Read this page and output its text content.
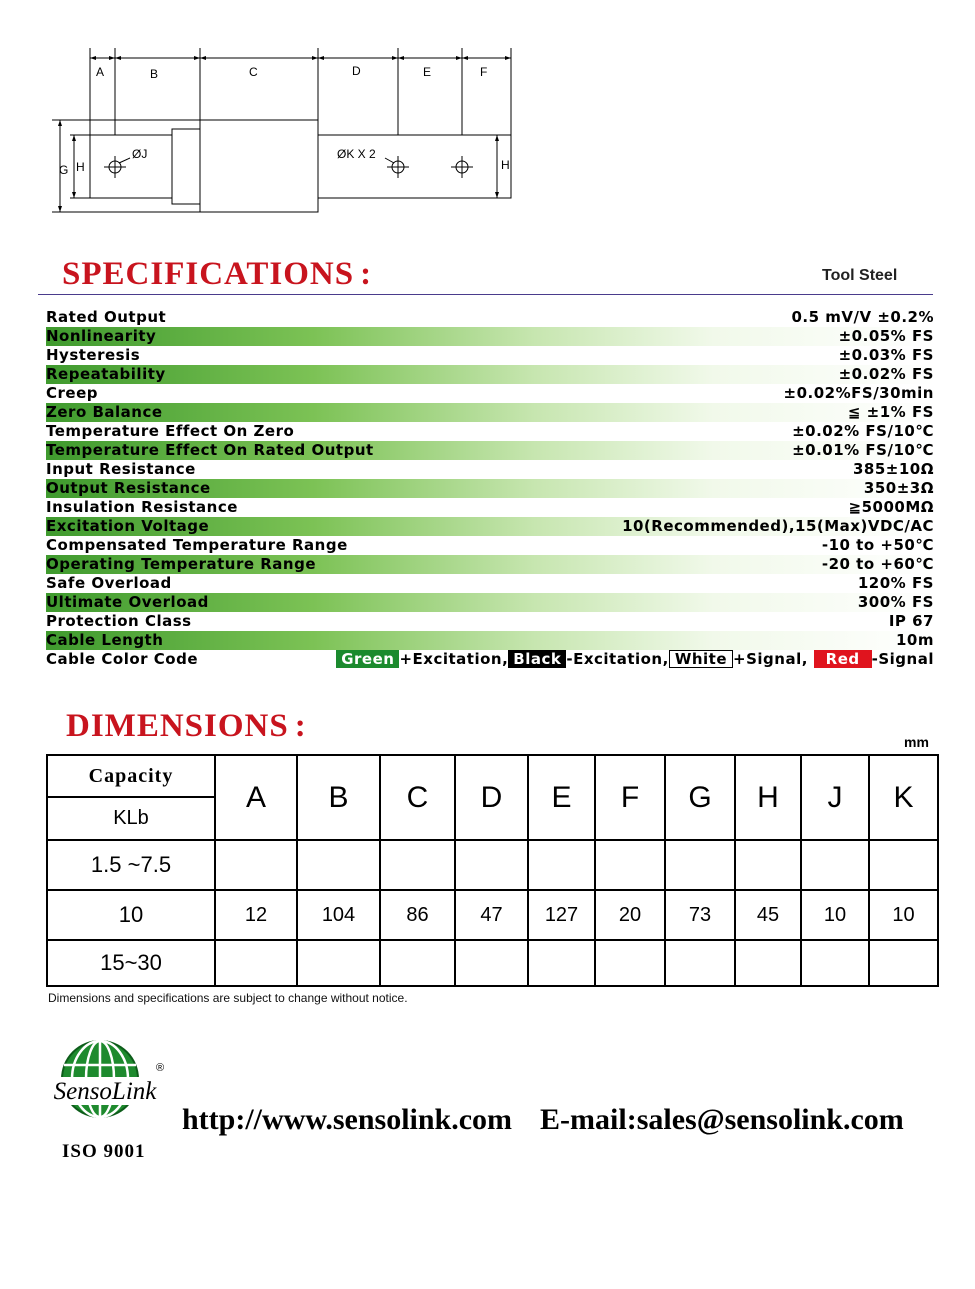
A	B	C	D	E	F
G H	H
ØJ	ØK X 2
SPECIFICATIONS :	Tool Steel
Rated Output	0.5 mV/V ±0.2%
Nonlinearity	±0.05% FS
Hysteresis	±0.03% FS
Repeatability	±0.02% FS
Creep	±0.02%FS/30min
Zero Balance	≦ ±1% FS
Temperature Effect On Zero	±0.02% FS/10℃
Temperature Effect On Rated Output	±0.01% FS/10℃
Input Resistance	385±10Ω
Output Resistance	350±3Ω
Insulation Resistance	≧5000MΩ
Excitation Voltage	10(Recommended),15(Max)VDC/AC
Compensated Temperature Range	-10 to +50℃
Operating Temperature Range	-20 to +60℃
Safe Overload	120% FS
Ultimate Overload	300% FS
Protection Class	IP 67
Cable Length	10m
Cable Color Code	Green +Excitation, Black -Excitation, White +Signal, Red -Signal
DIMENSIONS :	mm
Capacity	A	B	C	D	E	F	G	H	J	K
KLb										
1.5 ~7.5										
10	12	104	86	47	127	20	73	45	10	10
15~30										
Dimensions and specifications are subject to change without notice.
SensoLink
®
ISO 9001
http://www.sensolink.com E-mail:sales@sensolink.com
